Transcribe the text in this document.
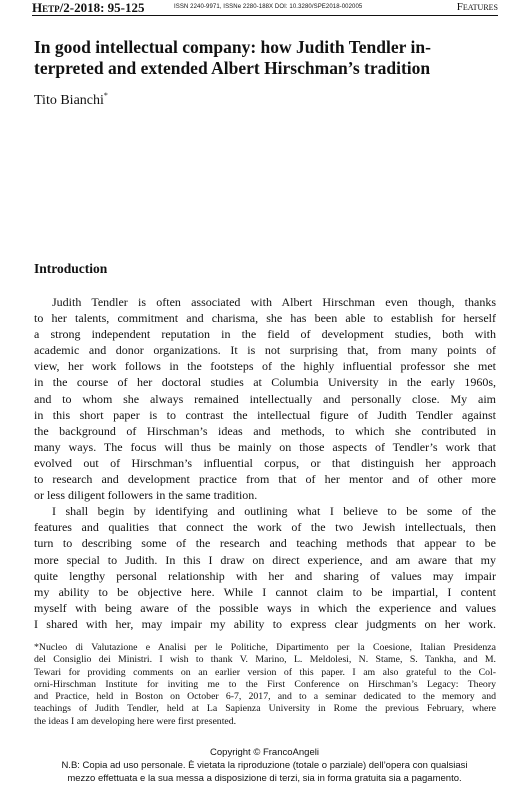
Hetp/2-2018: 95-125	ISSN 2240-9971, ISSNe 2280-188X DOI: 10.3280/SPE2018-002005	Features
In good intellectual company: how Judith Tendler in-
terpreted and extended Albert Hirschman’s tradition
Tito Bianchi*
Introduction
Judith Tendler is often associated with Albert Hirschman even though, thanks
to her talents, commitment and charisma, she has been able to establish for herself
a strong independent reputation in the field of development studies, both with
academic and donor organizations. It is not surprising that, from many points of
view, her work follows in the footsteps of the highly influential professor she met
in the course of her doctoral studies at Columbia University in the early 1960s,
and to whom she always remained intellectually and personally close. My aim
in this short paper is to contrast the intellectual figure of Judith Tendler against
the background of Hirschman’s ideas and methods, to which she contributed in
many ways. The focus will thus be mainly on those aspects of Tendler’s work that
evolved out of Hirschman’s influential corpus, or that distinguish her approach
to research and development practice from that of her mentor and of other more
or less diligent followers in the same tradition.
I shall begin by identifying and outlining what I believe to be some of the
features and qualities that connect the work of the two Jewish intellectuals, then
turn to describing some of the research and teaching methods that appear to be
more special to Judith. In this I draw on direct experience, and am aware that my
quite lengthy personal relationship with her and sharing of values may impair
my ability to be objective here. While I cannot claim to be impartial, I content
myself with being aware of the possible ways in which the experience and values
I shared with her, may impair my ability to express clear judgments on her work.
*Nucleo di Valutazione e Analisi per le Politiche, Dipartimento per la Coesione, Italian Presidenza
del Consiglio dei Ministri. I wish to thank V. Marino, L. Meldolesi, N. Stame, S. Tankha, and M.
Tewari for providing comments on an earlier version of this paper. I am also grateful to the Col-
orni-Hirschman Institute for inviting me to the First Conference on Hirschman’s Legacy: Theory
and Practice, held in Boston on October 6-7, 2017, and to a seminar dedicated to the memory and
teachings of Judith Tendler, held at La Sapienza University in Rome the previous February, where
the ideas I am developing here were first presented.
Copyright © FrancoAngeli
N.B: Copia ad uso personale. È vietata la riproduzione (totale o parziale) dell’opera con qualsiasi
mezzo effettuata e la sua messa a disposizione di terzi, sia in forma gratuita sia a pagamento.
